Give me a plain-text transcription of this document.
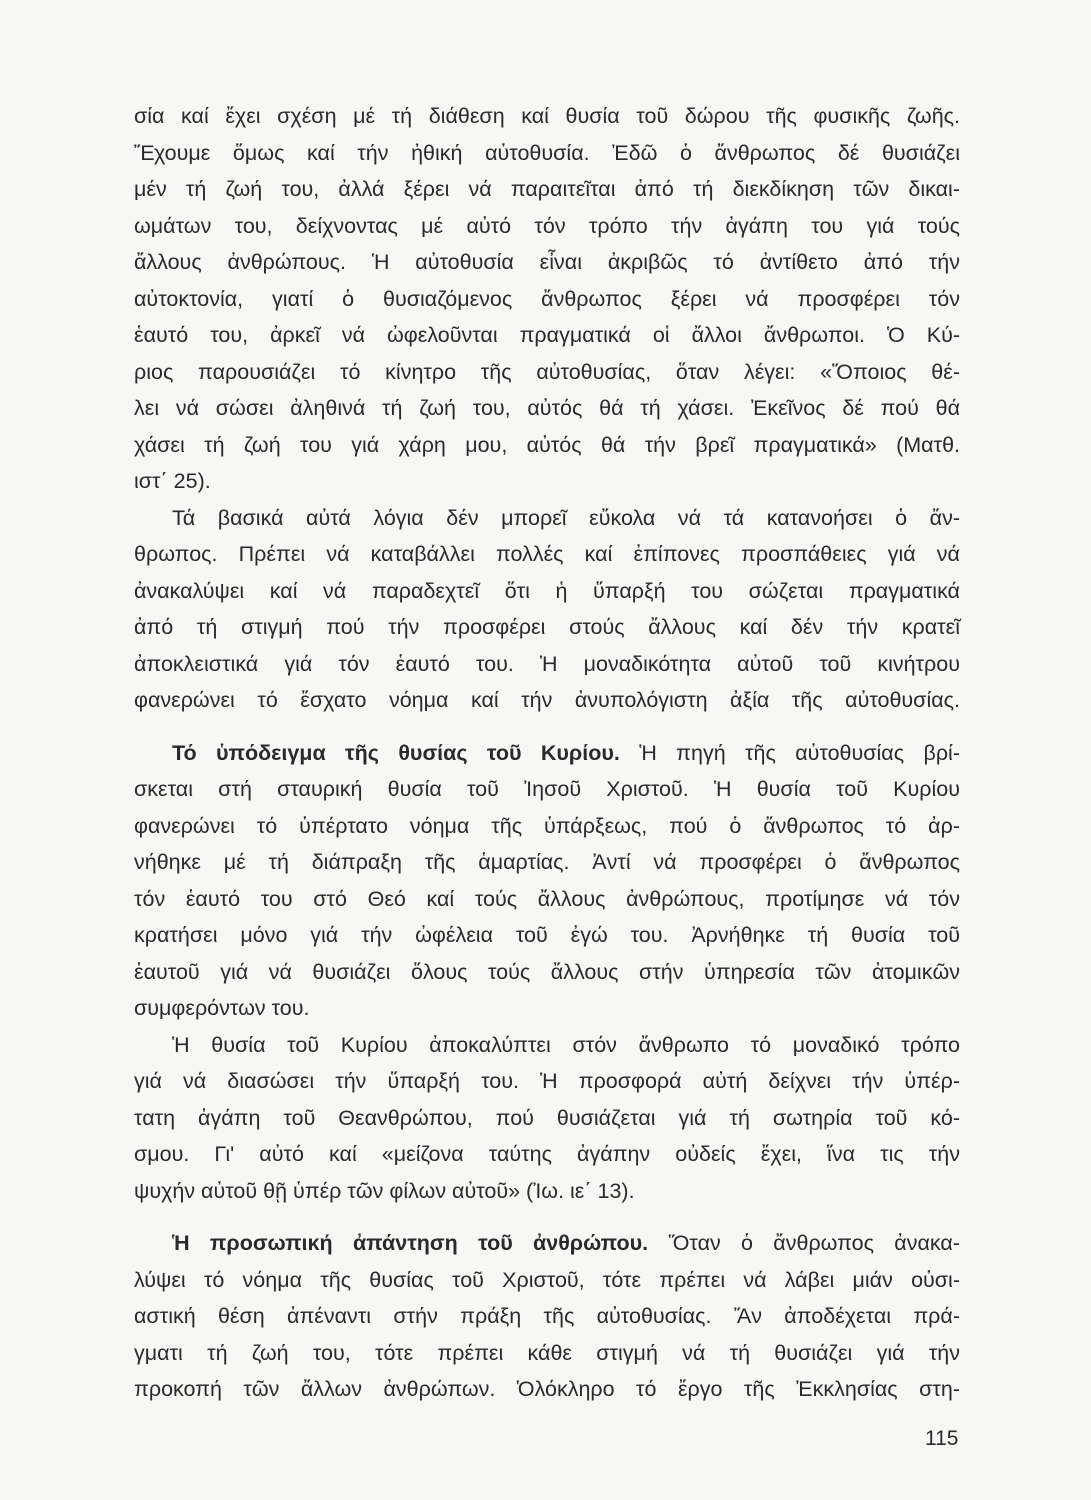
σία καί ἔχει σχέση μέ τή διάθεση καί θυσία τοῦ δώρου τῆς φυσικῆς ζωῆς.
Ἔχουμε ὅμως καί τήν ἠθική αὐτοθυσία. Ἐδῶ ὁ ἄνθρωπος δέ θυσιάζει
μέν τή ζωή του, ἀλλά ξέρει νά παραιτεῖται ἀπό τή διεκδίκηση τῶν δικαι-
ωμάτων του, δείχνοντας μέ αὐτό τόν τρόπο τήν ἀγάπη του γιά τούς
ἄλλους ἀνθρώπους. Ἡ αὐτοθυσία εἶναι ἀκριβῶς τό ἀντίθετο ἀπό τήν
αὐτοκτονία, γιατί ὁ θυσιαζόμενος ἄνθρωπος ξέρει νά προσφέρει τόν
ἑαυτό του, ἀρκεῖ νά ὠφελοῦνται πραγματικά οἱ ἄλλοι ἄνθρωποι. Ὁ Κύ-
ριος παρουσιάζει τό κίνητρο τῆς αὐτοθυσίας, ὅταν λέγει: «Ὅποιος θέ-
λει νά σώσει ἀληθινά τή ζωή του, αὐτός θά τή χάσει. Ἐκεῖνος δέ πού θά
χάσει τή ζωή του γιά χάρη μου, αὐτός θά τήν βρεῖ πραγματικά» (Ματθ.
ιστ΄ 25).
Τά βασικά αὐτά λόγια δέν μπορεῖ εὔκολα νά τά κατανοήσει ὁ ἄν-
θρωπος. Πρέπει νά καταβάλλει πολλές καί ἐπίπονες προσπάθειες γιά νά
ἀνακαλύψει καί νά παραδεχτεῖ ὅτι ἡ ὕπαρξή του σώζεται πραγματικά
ἀπό τή στιγμή πού τήν προσφέρει στούς ἄλλους καί δέν τήν κρατεῖ
ἀποκλειστικά γιά τόν ἑαυτό του. Ἡ μοναδικότητα αὐτοῦ τοῦ κινήτρου
φανερώνει τό ἔσχατο νόημα καί τήν ἀνυπολόγιστη ἀξία τῆς αὐτοθυσίας.
Τό ὑπόδειγμα τῆς θυσίας τοῦ Κυρίου. Ἡ πηγή τῆς αὐτοθυσίας βρί-
σκεται στή σταυρική θυσία τοῦ Ἰησοῦ Χριστοῦ. Ἡ θυσία τοῦ Κυρίου
φανερώνει τό ὑπέρτατο νόημα τῆς ὑπάρξεως, πού ὁ ἄνθρωπος τό ἀρ-
νήθηκε μέ τή διάπραξη τῆς ἁμαρτίας. Ἀντί νά προσφέρει ὁ ἄνθρωπος
τόν ἑαυτό του στό Θεό καί τούς ἄλλους ἀνθρώπους, προτίμησε νά τόν
κρατήσει μόνο γιά τήν ὠφέλεια τοῦ ἐγώ του. Ἀρνήθηκε τή θυσία τοῦ
ἑαυτοῦ γιά νά θυσιάζει ὅλους τούς ἄλλους στήν ὑπηρεσία τῶν ἀτομικῶν
συμφερόντων του.
Ἡ θυσία τοῦ Κυρίου ἀποκαλύπτει στόν ἄνθρωπο τό μοναδικό τρόπο
γιά νά διασώσει τήν ὕπαρξή του. Ἡ προσφορά αὐτή δείχνει τήν ὑπέρ-
τατη ἀγάπη τοῦ Θεανθρώπου, πού θυσιάζεται γιά τή σωτηρία τοῦ κό-
σμου. Γι' αὐτό καί «μείζονα ταύτης ἀγάπην οὐδείς ἔχει, ἵνα τις τήν
ψυχήν αὐτοῦ θῇ ὑπέρ τῶν φίλων αὐτοῦ» (Ἰω. ιε΄ 13).
Ἡ προσωπική ἀπάντηση τοῦ ἀνθρώπου. Ὅταν ὁ ἄνθρωπος ἀνακα-
λύψει τό νόημα τῆς θυσίας τοῦ Χριστοῦ, τότε πρέπει νά λάβει μιάν οὐσι-
αστική θέση ἀπέναντι στήν πράξη τῆς αὐτοθυσίας. Ἄν ἀποδέχεται πρά-
γματι τή ζωή του, τότε πρέπει κάθε στιγμή νά τή θυσιάζει γιά τήν
προκοπή τῶν ἄλλων ἀνθρώπων. Ὁλόκληρο τό ἔργο τῆς Ἐκκλησίας στη-
115
